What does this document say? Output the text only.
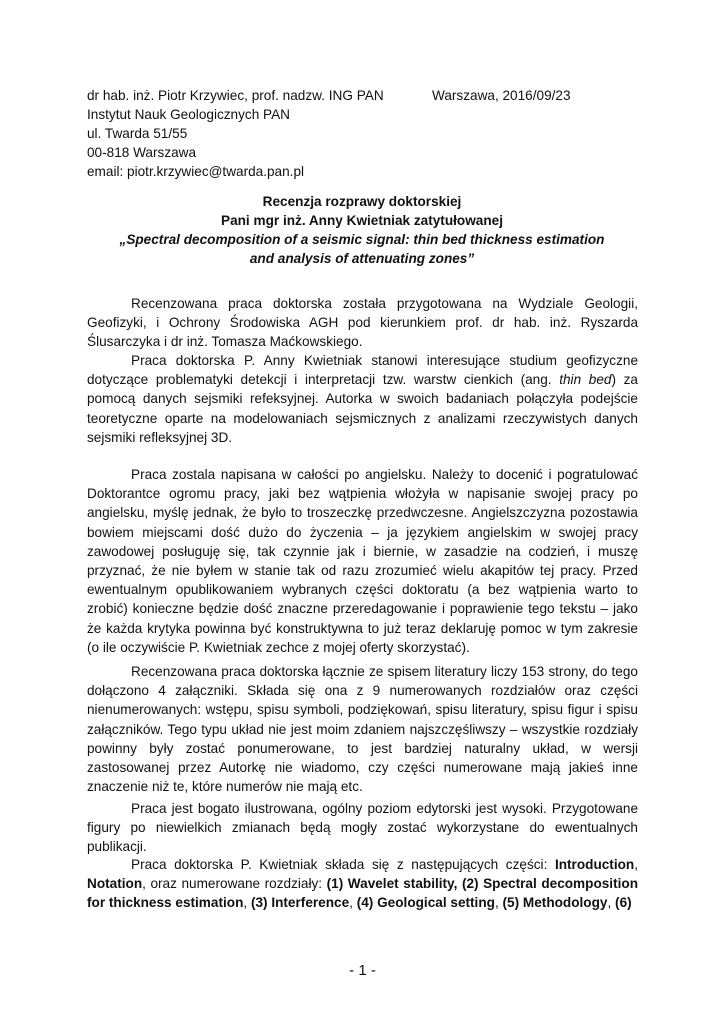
dr hab. inż. Piotr Krzywiec, prof. nadzw. ING PAN
Instytut Nauk Geologicznych PAN
ul. Twarda 51/55
00-818 Warszawa
email: piotr.krzywiec@twarda.pan.pl
Warszawa, 2016/09/23
Recenzja rozprawy doktorskiej
Pani mgr inż. Anny Kwietniak zatytułowanej
„Spectral decomposition of a seismic signal: thin bed thickness estimation
and analysis of attenuating zones”

Recenzowana praca doktorska została przygotowana na Wydziale Geologii, Geofizyki, i Ochrony Środowiska AGH pod kierunkiem prof. dr hab. inż. Ryszarda Ślusarczyka i dr inż. Tomasza Maćkowskiego.

Praca doktorska P. Anny Kwietniak stanowi interesujące studium geofizyczne dotyczące problematyki detekcji i interpretacji tzw. warstw cienkich (ang. thin bed) za pomocą danych sejsmiki refeksyjnej. Autorka w swoich badaniach połączyła podejście teoretyczne oparte na modelowaniach sejsmicznych z analizami rzeczywistych danych sejsmiki refleksyjnej 3D.

Praca zostala napisana w całości po angielsku. Należy to docenić i pogratulować Doktorantce ogromu pracy, jaki bez wątpienia włożyła w napisanie swojej pracy po angielsku, myślę jednak, że było to troszeczkę przedwczesne. Angielszczyzna pozostawia bowiem miejscami dość dużo do życzenia – ja językiem angielskim w swojej pracy zawodowej posługuję się, tak czynnie jak i biernie, w zasadzie na codzień, i muszę przyznać, że nie byłem w stanie tak od razu zrozumieć wielu akapitów tej pracy. Przed ewentualnym opublikowaniem wybranych części doktoratu (a bez wątpienia warto to zrobić) konieczne będzie dość znaczne przeredagowanie i poprawienie tego tekstu – jako że każda krytyka powinna być konstruktywna to już teraz deklaruję pomoc w tym zakresie (o ile oczywiście P. Kwietniak zechce z mojej oferty skorzystać).

Recenzowana praca doktorska łącznie ze spisem literatury liczy 153 strony, do tego dołączono 4 załączniki. Składa się ona z 9 numerowanych rozdziałów oraz części nienumerowanych: wstępu, spisu symboli, podziękowań, spisu literatury, spisu figur i spisu załączników. Tego typu układ nie jest moim zdaniem najszczęśliwszy – wszystkie rozdziały powinny były zostać ponumerowane, to jest bardziej naturalny układ, w wersji zastosowanej przez Autorkę nie wiadomo, czy części numerowane mają jakieś inne znaczenie niż te, które numerów nie mają etc.

Praca jest bogato ilustrowana, ogólny poziom edytorski jest wysoki. Przygotowane figury po niewielkich zmianach będą mogły zostać wykorzystane do ewentualnych publikacji.

Praca doktorska P. Kwietniak składa się z następujących części: Introduction, Notation, oraz numerowane rozdziały: (1) Wavelet stability, (2) Spectral decomposition for thickness estimation, (3) Interference, (4) Geological setting, (5) Methodology, (6)

- 1 -
